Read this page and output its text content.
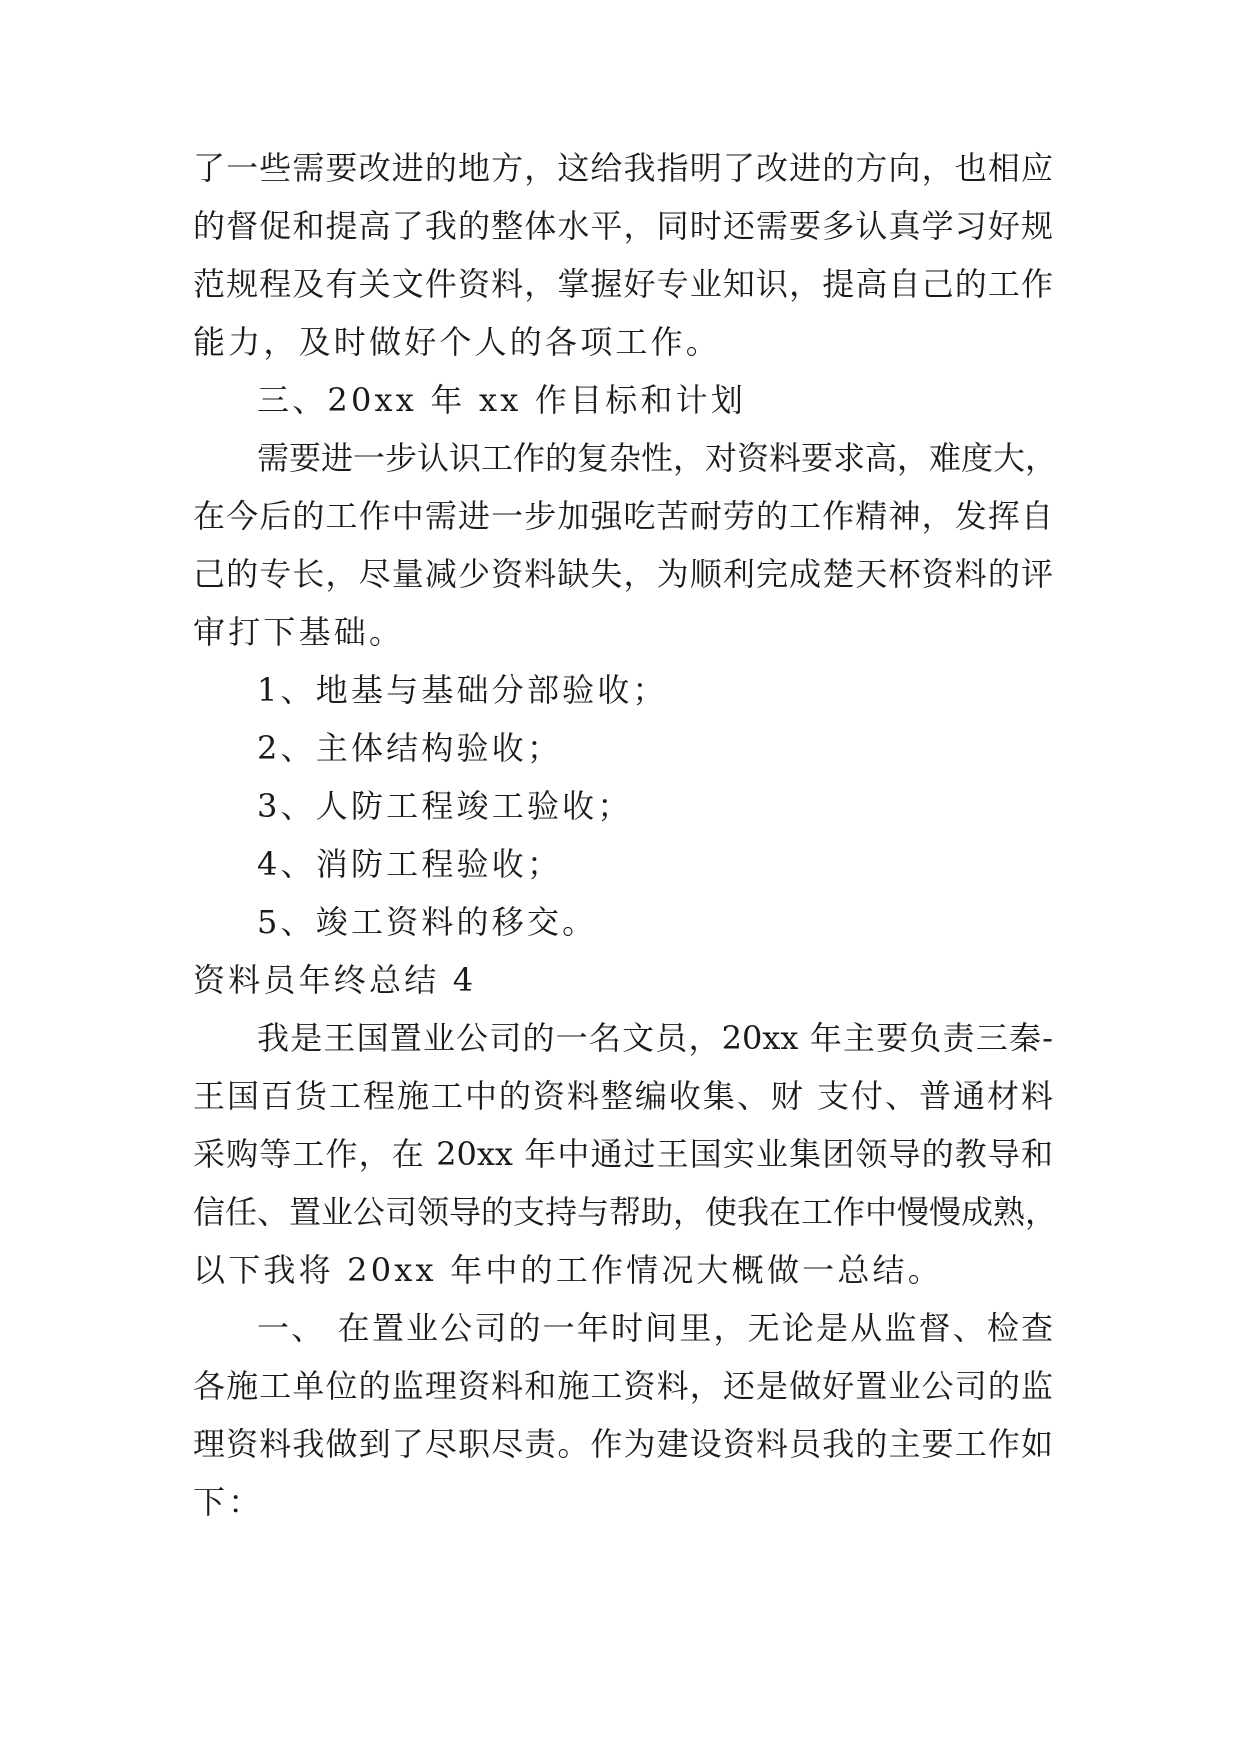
了一些需要改进的地方，这给我指明了改进的方向，也相应
的督促和提高了我的整体水平，同时还需要多认真学习好规
范规程及有关文件资料，掌握好专业知识，提高自己的工作
能力，及时做好个人的各项工作。
三、20xx 年 xx 作目标和计划
需要进一步认识工作的复杂性，对资料要求高，难度大，
在今后的工作中需进一步加强吃苦耐劳的工作精神，发挥自
己的专长，尽量减少资料缺失，为顺利完成楚天杯资料的评
审打下基础。
1、地基与基础分部验收；
2、主体结构验收；
3、人防工程竣工验收；
4、消防工程验收；
5、竣工资料的移交。
资料员年终总结 4
我是王国置业公司的一名文员，20xx 年主要负责三秦-
王国百货工程施工中的资料整编收集、财 支付、普通材料
采购等工作，在 20xx 年中通过王国实业集团领导的教导和
信任、置业公司领导的支持与帮助，使我在工作中慢慢成熟，
以下我将 20xx 年中的工作情况大概做一总结。
一、 在置业公司的一年时间里，无论是从监督、检查
各施工单位的监理资料和施工资料，还是做好置业公司的监
理资料我做到了尽职尽责。作为建设资料员我的主要工作如
下：
